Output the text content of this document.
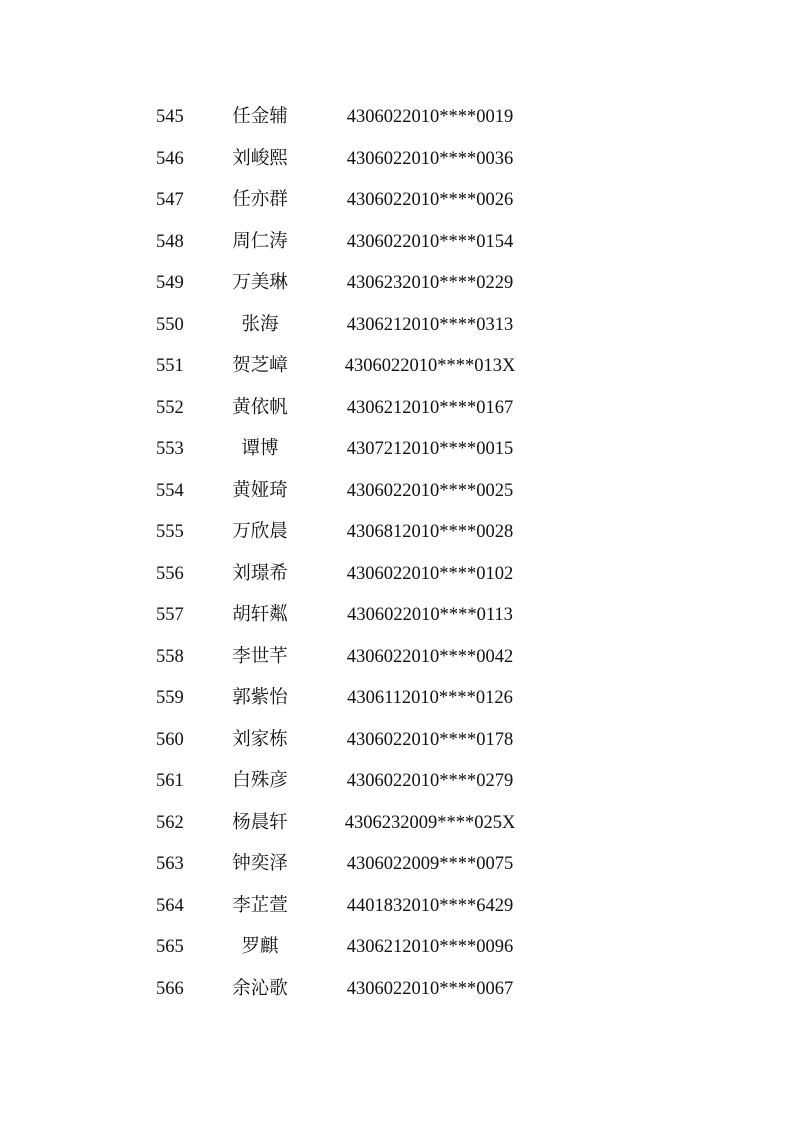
545	任金辅	4306022010****0019
546	刘峻熙	4306022010****0036
547	任亦群	4306022010****0026
548	周仁涛	4306022010****0154
549	万美琳	4306232010****0229
550	张海	4306212010****0313
551	贺芝嶂	4306022010****013X
552	黄依帆	4306212010****0167
553	谭博	4307212010****0015
554	黄娅琦	4306022010****0025
555	万欣晨	4306812010****0028
556	刘璟希	4306022010****0102
557	胡轩粼	4306022010****0113
558	李世芊	4306022010****0042
559	郭紫怡	4306112010****0126
560	刘家栋	4306022010****0178
561	白殊彦	4306022010****0279
562	杨晨轩	4306232009****025X
563	钟奕泽	4306022009****0075
564	李芷萱	4401832010****6429
565	罗麒	4306212010****0096
566	余沁歌	4306022010****0067
